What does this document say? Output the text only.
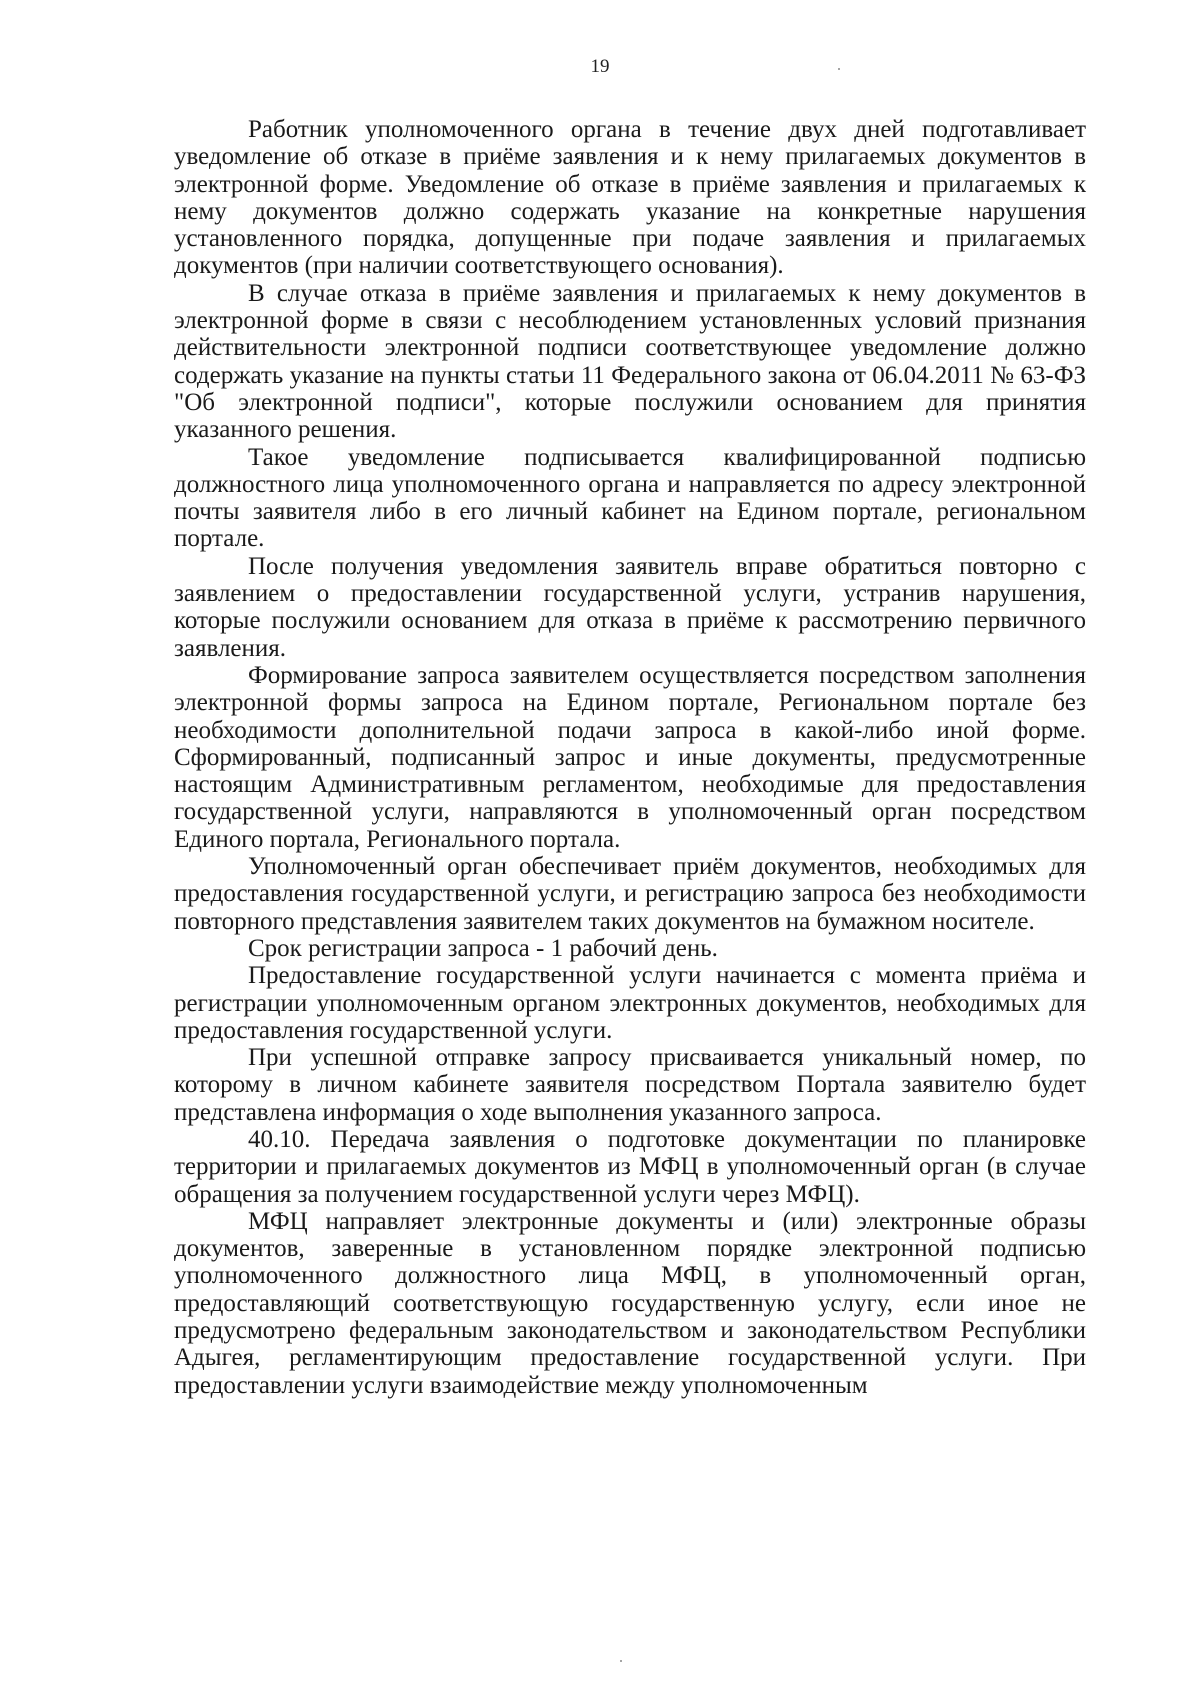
19

Работник уполномоченного органа в течение двух дней подготавливает уведомление об отказе в приёме заявления и к нему прилагаемых документов в электронной форме. Уведомление об отказе в приёме заявления и прилагаемых к нему документов должно содержать указание на конкретные нарушения установленного порядка, допущенные при подаче заявления и прилагаемых документов (при наличии соответствующего основания).

В случае отказа в приёме заявления и прилагаемых к нему документов в электронной форме в связи с несоблюдением установленных условий признания действительности электронной подписи соответствующее уведомление должно содержать указание на пункты статьи 11 Федерального закона от 06.04.2011 № 63-ФЗ "Об электронной подписи", которые послужили основанием для принятия указанного решения.

Такое уведомление подписывается квалифицированной подписью должностного лица уполномоченного органа и направляется по адресу электронной почты заявителя либо в его личный кабинет на Едином портале, региональном портале.

После получения уведомления заявитель вправе обратиться повторно с заявлением о предоставлении государственной услуги, устранив нарушения, которые послужили основанием для отказа в приёме к рассмотрению первичного заявления.

Формирование запроса заявителем осуществляется посредством заполнения электронной формы запроса на Едином портале, Региональном портале без необходимости дополнительной подачи запроса в какой-либо иной форме. Сформированный, подписанный запрос и иные документы, предусмотренные настоящим Административным регламентом, необходимые для предоставления государственной услуги, направляются в уполномоченный орган посредством Единого портала, Регионального портала.

Уполномоченный орган обеспечивает приём документов, необходимых для предоставления государственной услуги, и регистрацию запроса без необходимости повторного представления заявителем таких документов на бумажном носителе.

Срок регистрации запроса - 1 рабочий день.

Предоставление государственной услуги начинается с момента приёма и регистрации уполномоченным органом электронных документов, необходимых для предоставления государственной услуги.

При успешной отправке запросу присваивается уникальный номер, по которому в личном кабинете заявителя посредством Портала заявителю будет представлена информация о ходе выполнения указанного запроса.

40.10. Передача заявления о подготовке документации по планировке территории и прилагаемых документов из МФЦ в уполномоченный орган (в случае обращения за получением государственной услуги через МФЦ).

МФЦ направляет электронные документы и (или) электронные образы документов, заверенные в установленном порядке электронной подписью уполномоченного должностного лица МФЦ, в уполномоченный орган, предоставляющий соответствующую государственную услугу, если иное не предусмотрено федеральным законодательством и законодательством Республики Адыгея, регламентирующим предоставление государственной услуги. При предоставлении услуги взаимодействие между уполномоченным
